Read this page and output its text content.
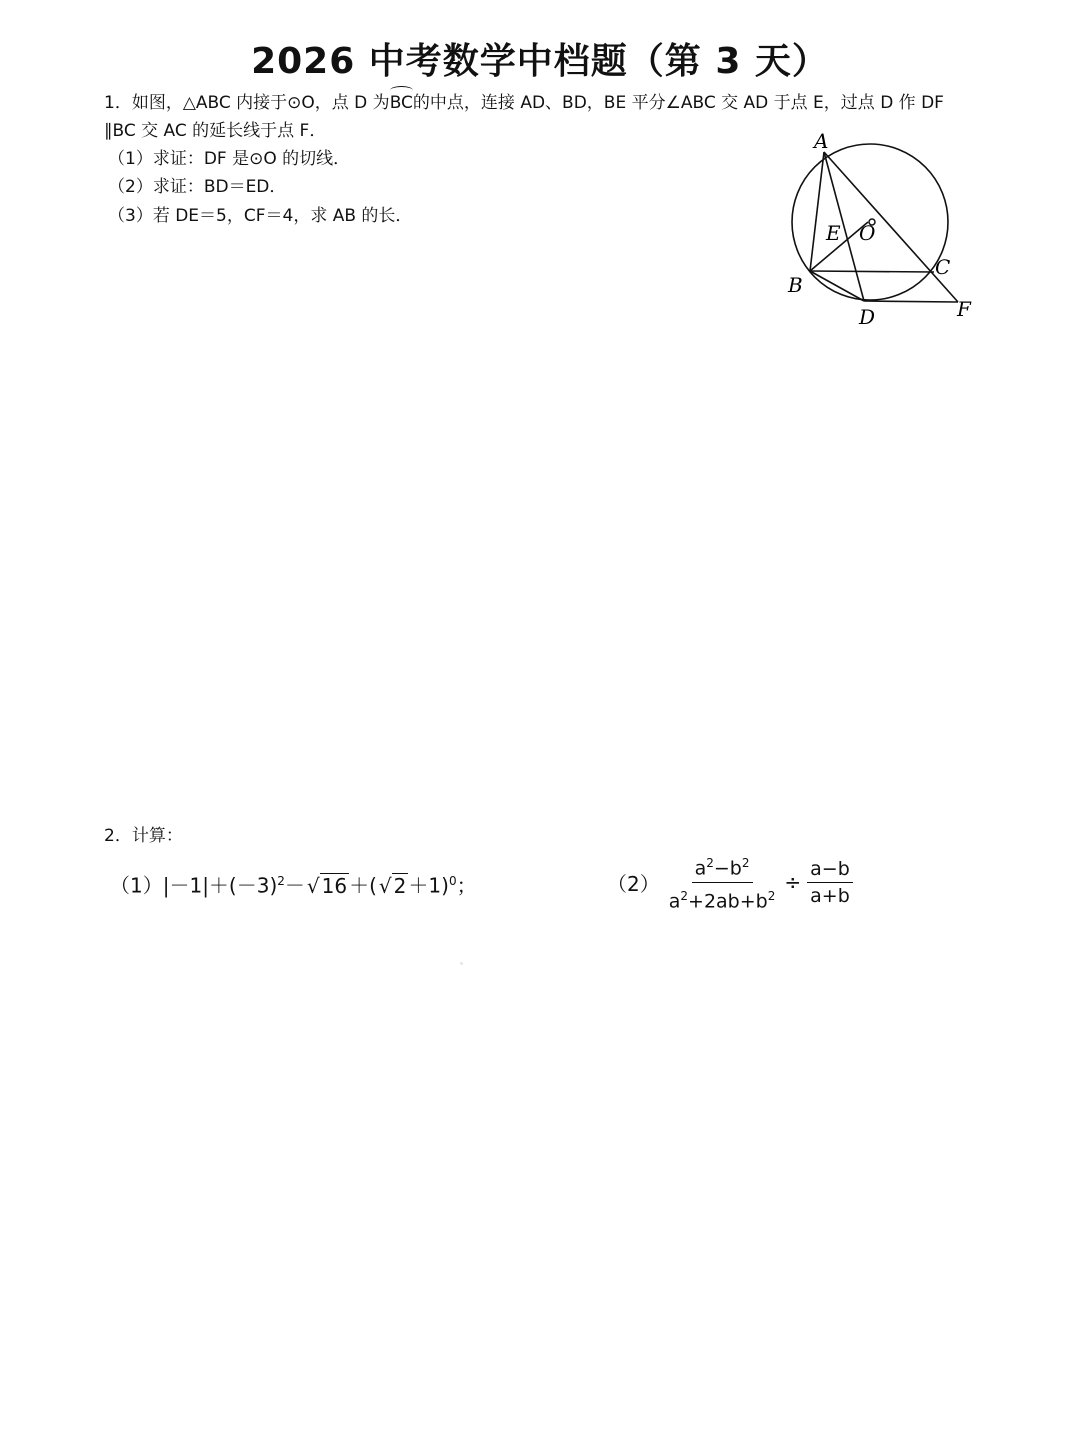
2026 中考数学中档题（第 3 天）
1．如图，△ABC 内接于⊙O，点 D 为BC的中点，连接 AD、BD，BE 平分∠ABC 交 AD 于点 E，过点 D 作 DF
∥BC 交 AC 的延长线于点 F．
（1）求证：DF 是⊙O 的切线．
（2）求证：BD＝ED．
（3）若 DE＝5，CF＝4，求 AB 的长．
A
B
C
D
E O
F
2．计算：
$(1)|-1|+(-3)^2-$ √ 16 ＋( √ 2 ＋1)$^0$；	$(2) \frac{a^2-b^2}{a^2+2ab+b^2} \div \frac{a-b}{a+b}$
